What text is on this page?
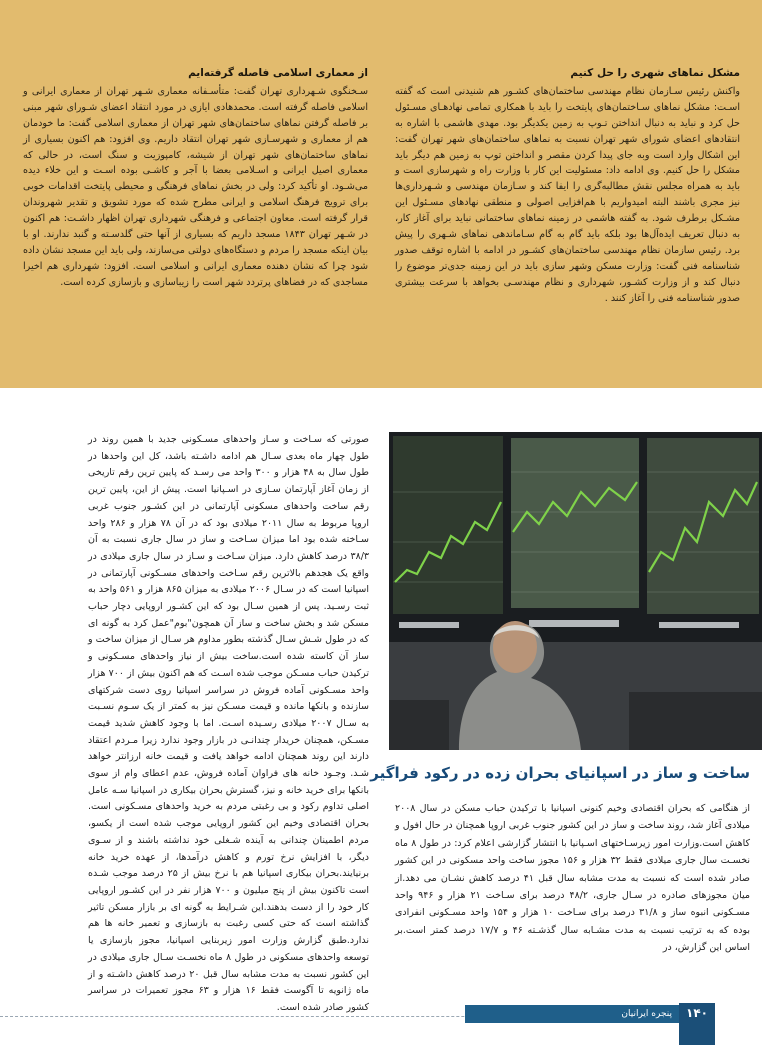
مشکل نماهای شهری را حل کنیم

واکنش رئیس سـازمان نظام مهندسی ساختمان‌های کشـور هم شنیدنی است که گفته اسـت: مشکل نماهای سـاختمان‌های پایتخت را باید با همکاری تمامی نهادهـای مسـئول حل کرد و نباید به دنبال انداختن تـوپ به زمین یکدیگر بود. مهدی هاشمی با اشاره به انتقادهای اعضای شورای شهر تهران نسبت به نماهای ساختمان‌های شهر تهران گفت: این اشکال وارد است وبه جای پیدا کردن مقصر و انداختن توپ به زمین هم دیگر باید مشکل را حل کنیم. وی ادامه داد: مسئولیت این کار با وزارت راه و شهرسازی است و باید به همراه مجلس نقش مطالبه‌گری را ایفا کند و سـازمان مهندسی و شـهرداری‌ها نیز مجری باشند البته امیدواریم با هم‌افزایی اصولی و منطقی نهادهای مسـئول این مشـکل برطرف شود. به گفته هاشمی در زمینه نماهای ساختمانی نباید برای آغاز کار، به دنبال تعریف ایده‌آل‌ها بود بلکه باید گام به گام سـاماندهی نماهای شـهری را پیش برد. رئیس سازمان نظام مهندسی ساختمان‌های کشـور در ادامه با اشاره توقف صدور شناسنامه فنی گفت: وزارت مسکن وشهر سازی باید در این زمینه جدی‌تر موضوع را دنبال کند و از وزارت کشـور، شهرداری و نظام مهندسـی بخواهد با سرعت بیشتری صدور شناسنامه فنی را آغاز کنند .

از معماری اسلامی فاصله گرفته‌ایم

سـخنگوی شـهرداری تهران گفت: متأسـفانه معماری شـهر تهران از معماری ایرانی و اسلامی فاصله گرفته است. محمدهادی ایازی در مورد انتقاد اعضای شـورای شهر مبنی بر فاصله گرفتن نماهای ساختمان‌های شهر تهران از معماری اسلامی گفت: ما خودمان هم از معماری و شهرسـازی شهر تهران انتقاد داریم. وی افزود: هم اکنون بسیاری از نماهای ساختمان‌های شهر تهران از شیشه، کامپوزیت و سنگ است، در حالی که معماری اصیل ایرانی و اسـلامی بعضا با آجر و کاشـی بوده اسـت و این خلاء دیده می‌شـود. او تأکید کرد: ولی در بخش نماهای فرهنگی و محیطی پایتخت اقدامات خوبی برای ترویج فرهنگ اسلامی و ایرانی مطرح شده که مورد تشویق و تقدیر شهروندان قرار گرفته است. معاون اجتماعی و فرهنگی شهرداری تهران اظهار داشـت: هم اکنون در شـهر تهران ۱۸۴۳ مسجد داریم که بسیاری از آنها حتی گلدسـته و گنبد ندارند. او با بیان اینکه مسجد را مردم و دستگاه‌های دولتی می‌سازند، ولی باید این مسجد نشان داده شود چرا که نشان دهنده معماری ایرانی و اسلامی است. افزود: شهرداری هم اخیرا مساجدی که در فضاهای پرتردد شهر است را زیباسازی و بازسازی کرده است.

ساخت و ساز در اسپانیای بحران زده در رکود فراگیر

از هنگامی که بحران اقتصادی وخیم کنونی اسپانیا با ترکیدن حباب مسکن در سال ۲۰۰۸ میلادی آغاز شد، روند ساخت و ساز در این کشور جنوب غربی اروپا همچنان در حال افول و کاهش است.وزارت امور زیرسـاختهای اسـپانیا با انتشار گزارشی اعلام کرد: در طول ۸ ماه نخسـت سال جاری میلادی فقط ۳۲ هزار و ۱۵۶ مجوز ساخت واحد مسکونی در این کشور صادر شده است که نسبت به مدت مشابه سال قبل ۴۱ درصد کاهش نشـان می دهد.از میان مجوزهای صادره در سـال جاری، ۴۸/۲ درصد برای سـاخت ۲۱ هزار و ۹۴۶ واحد مسـکونی انبوه ساز و ۳۱/۸ درصد برای سـاخت ۱۰ هزار و ۱۵۴ واحد مسـکونی انفرادی بوده که به ترتیب نسبت به مدت مشـابه سال گذشـته ۴۶ و ۱۷/۷ درصد کمتر است.بر اساس این گزارش، در

صورتی که سـاخت و سـاز واحدهای مسـکونی جدید با همین روند در طول چهار ماه بعدی سـال هم ادامه داشـته باشد، کل این واحدها در طول سال به ۴۸ هزار و ۳۰۰ واحد می رسـد که پایین ترین رقم تاریخی از زمان آغاز آپارتمان سـازی در اسـپانیا است. پیش از این، پایین ترین رقم ساخت واحدهای مسکونی آپارتمانی در این کشـور جنوب غربی اروپا مربوط به سال ۲۰۱۱ میلادی بود که در آن ۷۸ هزار و ۲۸۶ واحد سـاخته شده بود اما میزان سـاخت و ساز در سال جاری نسبت به آن ۳۸/۳ درصد کاهش دارد. میزان سـاخت و سـاز در سال جاری میلادی در واقع یک هجدهم بالاترین رقم سـاخت واحدهای مسـکونی آپارتمانی در اسپانیا است که در سـال ۲۰۰۶ میلادی به میزان ۸۶۵ هزار و ۵۶۱ واحد به ثبت رسـید. پس از همین سـال بود که این کشـور اروپایی دچار حباب مسکن شد و بخش ساخت و ساز آن همچون"بوم"عمل کرد به گونه ای که در طول شـش سـال گذشته بطور مداوم هر سـال از میزان ساخت و ساز آن کاسته شده است.ساخت بیش از نیاز واحدهای مسـکونی و ترکیدن حباب مسـکن موجب شده اسـت که هم اکنون بیش از ۷۰۰ هزار واحد مسـکونی آماده فروش در سراسر اسپانیا روی دست شرکتهای سازنده و بانکها مانده و قیمت مسـکن نیز به کمتر از یک سـوم نسـبت به سـال ۲۰۰۷ میلادی رسـیده اسـت. اما با وجود کاهش شدید قیمت مسـکن، همچنان خریدار چندانـی در بازار وجود ندارد زیرا مـردم اعتقاد دارند این روند همچنان ادامه خواهد یافت و قیمت خانه ارزانتر خواهد شـد. وجـود خانه های فراوان آماده فروش، عدم اعطای وام از سوی بانکها برای خرید خانه و نیز، گسترش بحران بیکاری در اسپانیا سـه عامل اصلی تداوم رکود و بی رغبتی مردم به خرید واحدهای مسـکونی است. بحران اقتصادی وخیم این کشور اروپایی موجب شده است از یکسو، مردم اطمینان چندانی به آینده شـغلی خود نداشته باشند و از سـوی دیگر، با افزایش نرخ تورم و کاهش درآمدها، از عهده خرید خانه برنیایند.بحران بیکاری اسپانیا هم با نرخ بیش از ۲۵ درصد موجب شـده است تاکنون بیش از پنج میلیون و ۷۰۰ هزار نفر در این کشـور اروپایی کار خود را از دست بدهند.این شـرایط به گونه ای بر بازار مسکن تاثیر گذاشته است که حتی کسی رغبت به بازسازی و تعمیر خانه ها هم ندارد.طبق گزارش وزارت امور زیربنایی اسپانیا، مجوز بازسازی یا توسعه واحدهای مسکونی در طول ۸ ماه نخسـت سـال جاری میلادی در این کشور نسبت به مدت مشابه سال قبل ۲۰ درصد کاهش داشـته و از ماه ژانویه تا آگوست فقط ۱۶ هزار و ۶۳ مجوز تعمیرات در سراسر کشور صادر شده است.

پنجره ایرانیان	۱۴۰
